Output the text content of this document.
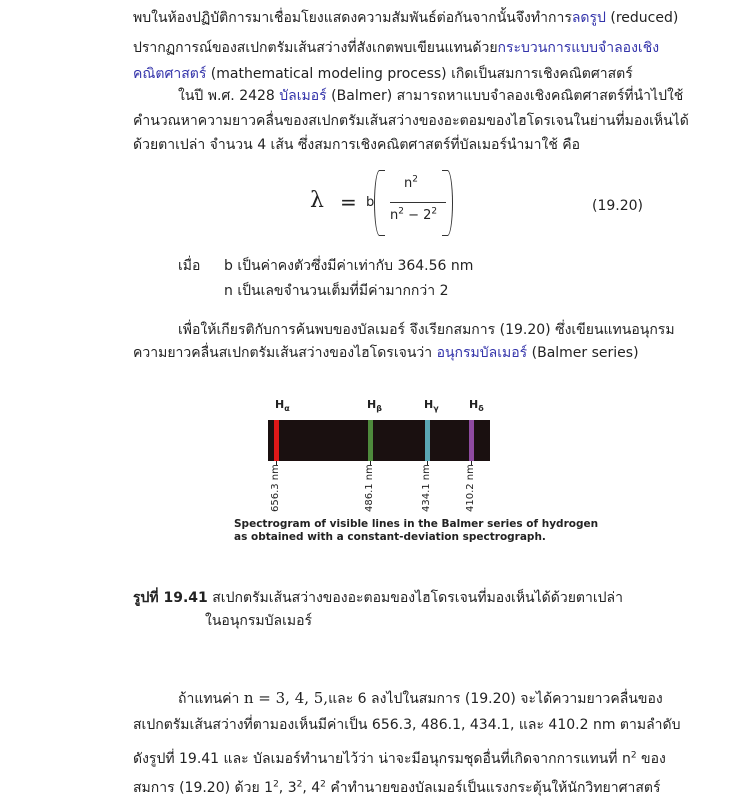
พบในห้องปฏิบัติการมาเชื่อมโยงแสดงความสัมพันธ์ต่อกันจากนั้นจึงทำการลดรูป (reduced)
ปรากฏการณ์ของสเปกตรัมเส้นสว่างที่สังเกตพบเขียนแทนด้วยกระบวนการแบบจำลองเชิง
คณิตศาสตร์ (mathematical modeling process) เกิดเป็นสมการเชิงคณิตศาสตร์
ในปี พ.ศ. 2428 บัลเมอร์ (Balmer) สามารถหาแบบจำลองเชิงคณิตศาสตร์ที่นำไปใช้
คำนวณหาความยาวคลื่นของสเปกตรัมเส้นสว่างของอะตอมของไฮโดรเจนในย่านที่มองเห็นได้
ด้วยตาเปล่า จำนวน 4 เส้น ซึ่งสมการเชิงคณิตศาสตร์ที่บัลเมอร์นำมาใช้ คือ
λ = b
$n^2$
$n^2 - 2^2$	(19.20)
เมื่อ b เป็นค่าคงตัวซึ่งมีค่าเท่ากับ 364.56 nm
n เป็นเลขจำนวนเต็มที่มีค่ามากกว่า 2
เพื่อให้เกียรติกับการค้นพบของบัลเมอร์ จึงเรียกสมการ (19.20) ซึ่งเขียนแทนอนุกรม
ความยาวคลื่นสเปกตรัมเส้นสว่างของไฮโดรเจนว่า อนุกรมบัลเมอร์ (Balmer series)
$H_\alpha$	$H_\beta$	$H_\gamma$	$H_\delta$
656.3 nm	486.1 nm	434.1 nm	410.2 nm
Spectrogram of visible lines in the Balmer series of hydrogen
as obtained with a constant-deviation spectrograph.
รูปที่ 19.41 สเปกตรัมเส้นสว่างของอะตอมของไฮโดรเจนที่มองเห็นได้ด้วยตาเปล่า
ในอนุกรมบัลเมอร์
ถ้าแทนค่า n = 3, 4, 5,และ 6 ลงไปในสมการ (19.20) จะได้ความยาวคลื่นของ
สเปกตรัมเส้นสว่างที่ตามองเห็นมีค่าเป็น 656.3, 486.1, 434.1, และ 410.2 nm ตามลำดับ
ดังรูปที่ 19.41 และ บัลเมอร์ทำนายไว้ว่า น่าจะมีอนุกรมชุดอื่นที่เกิดจากการแทนที่ $n^2$ ของ
สมการ (19.20) ด้วย $1^2$, $3^2$, $4^2$ คำทำนายของบัลเมอร์เป็นแรงกระตุ้นให้นักวิทยาศาสตร์
